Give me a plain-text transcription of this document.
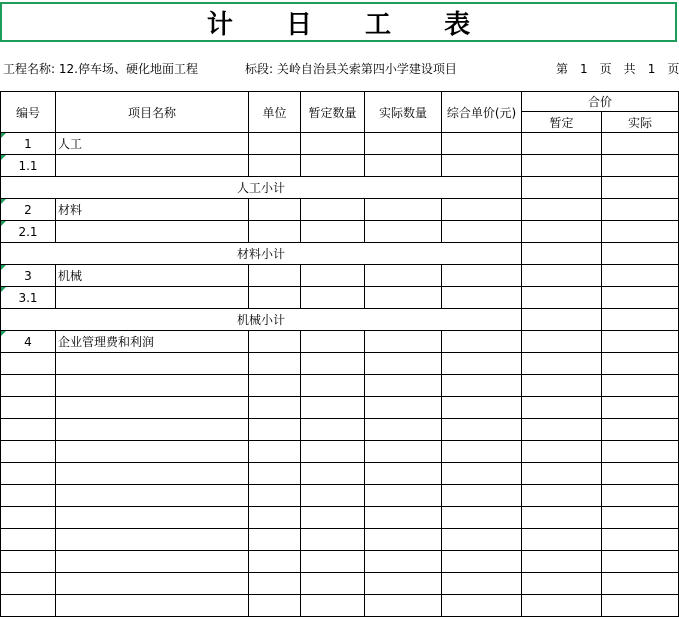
计 日 工 表
工程名称: 12.停车场、硬化地面工程	标段: 关岭自治县关索第四小学建设项目	第 1 页 共 1 页
编号	项目名称	单位	暂定数量	实际数量	综合单价(元)	合价	
						暂定	实际
1	人工						
1.1							
人工小计							
2	材料						
2.1							
材料小计							
3	机械						
3.1							
机械小计							
4	企业管理费和利润						
